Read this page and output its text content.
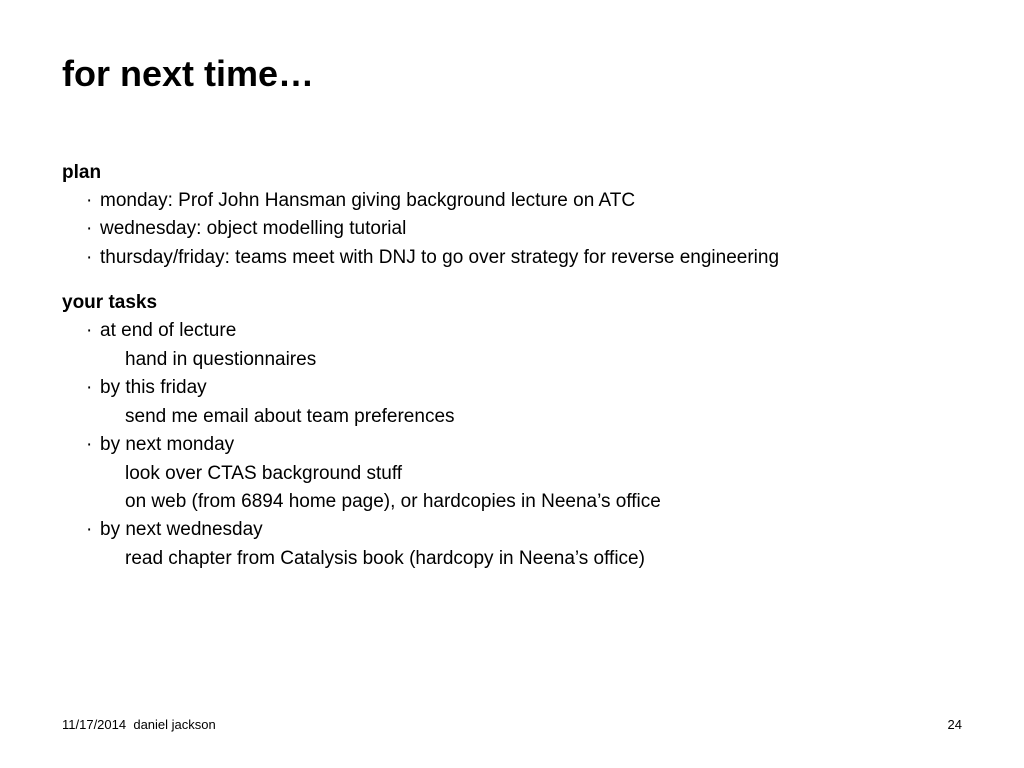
for next time…
plan
· monday: Prof John Hansman giving background lecture on ATC
· wednesday: object modelling tutorial
· thursday/friday: teams meet with DNJ to go over strategy for reverse engineering
your tasks
· at end of lecture
hand in questionnaires
· by this friday
send me email about team preferences
· by next monday
look over CTAS background stuff
on web (from 6894 home page), or hardcopies in Neena’s office
· by next wednesday
read chapter from Catalysis book (hardcopy in Neena’s office)
11/17/2014 daniel jackson	24
